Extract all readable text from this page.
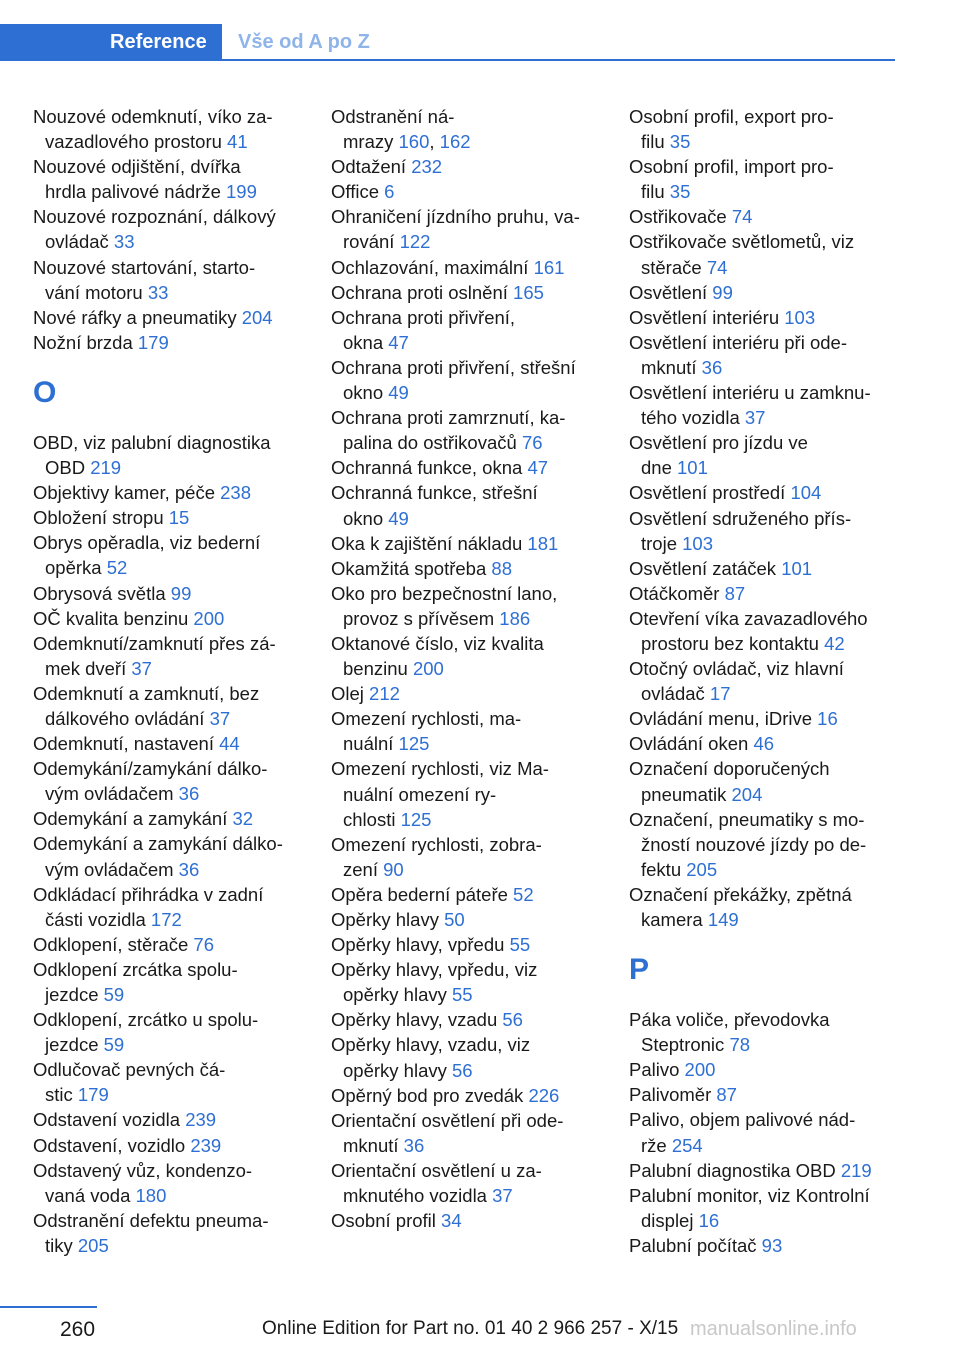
Reference	Vše od A po Z
Nouzové odemknutí, víko za-
vazadlového prostoru 41
Nouzové odjištění, dvířka
hrdla palivové nádrže 199
Nouzové rozpoznání, dálkový
ovládač 33
Nouzové startování, starto-
vání motoru 33
Nové ráfky a pneumatiky 204
Nožní brzda 179
O
OBD, viz palubní diagnostika
OBD 219
Objektivy kamer, péče 238
Obložení stropu 15
Obrys opěradla, viz bederní
opěrka 52
Obrysová světla 99
OČ kvalita benzinu 200
Odemknutí/zamknutí přes zá-
mek dveří 37
Odemknutí a zamknutí, bez
dálkového ovládání 37
Odemknutí, nastavení 44
Odemykání/zamykání dálko-
vým ovládačem 36
Odemykání a zamykání 32
Odemykání a zamykání dálko-
vým ovládačem 36
Odkládací přihrádka v zadní
části vozidla 172
Odklopení, stěrače 76
Odklopení zrcátka spolu-
jezdce 59
Odklopení, zrcátko u spolu-
jezdce 59
Odlučovač pevných čá-
stic 179
Odstavení vozidla 239
Odstavení, vozidlo 239
Odstavený vůz, kondenzo-
vaná voda 180
Odstranění defektu pneuma-
tiky 205
Odstranění ná-
mrazy 160, 162
Odtažení 232
Office 6
Ohraničení jízdního pruhu, va-
rování 122
Ochlazování, maximální 161
Ochrana proti oslnění 165
Ochrana proti přivření,
okna 47
Ochrana proti přivření, střešní
okno 49
Ochrana proti zamrznutí, ka-
palina do ostřikovačů 76
Ochranná funkce, okna 47
Ochranná funkce, střešní
okno 49
Oka k zajištění nákladu 181
Okamžitá spotřeba 88
Oko pro bezpečnostní lano,
provoz s přívěsem 186
Oktanové číslo, viz kvalita
benzinu 200
Olej 212
Omezení rychlosti, ma-
nuální 125
Omezení rychlosti, viz Ma-
nuální omezení ry-
chlosti 125
Omezení rychlosti, zobra-
zení 90
Opěra bederní páteře 52
Opěrky hlavy 50
Opěrky hlavy, vpředu 55
Opěrky hlavy, vpředu, viz
opěrky hlavy 55
Opěrky hlavy, vzadu 56
Opěrky hlavy, vzadu, viz
opěrky hlavy 56
Opěrný bod pro zvedák 226
Orientační osvětlení při ode-
mknutí 36
Orientační osvětlení u za-
mknutého vozidla 37
Osobní profil 34
Osobní profil, export pro-
filu 35
Osobní profil, import pro-
filu 35
Ostřikovače 74
Ostřikovače světlometů, viz
stěrače 74
Osvětlení 99
Osvětlení interiéru 103
Osvětlení interiéru při ode-
mknutí 36
Osvětlení interiéru u zamknu-
tého vozidla 37
Osvětlení pro jízdu ve
dne 101
Osvětlení prostředí 104
Osvětlení sdruženého přís-
troje 103
Osvětlení zatáček 101
Otáčkoměr 87
Otevření víka zavazadlového
prostoru bez kontaktu 42
Otočný ovládač, viz hlavní
ovládač 17
Ovládání menu, iDrive 16
Ovládání oken 46
Označení doporučených
pneumatik 204
Označení, pneumatiky s mo-
žností nouzové jízdy po de-
fektu 205
Označení překážky, zpětná
kamera 149
P
Páka voliče, převodovka
Steptronic 78
Palivo 200
Palivoměr 87
Palivo, objem palivové nád-
rže 254
Palubní diagnostika OBD 219
Palubní monitor, viz Kontrolní
displej 16
Palubní počítač 93
260	manualsonline.info
Online Edition for Part no. 01 40 2 966 257 - X/15
